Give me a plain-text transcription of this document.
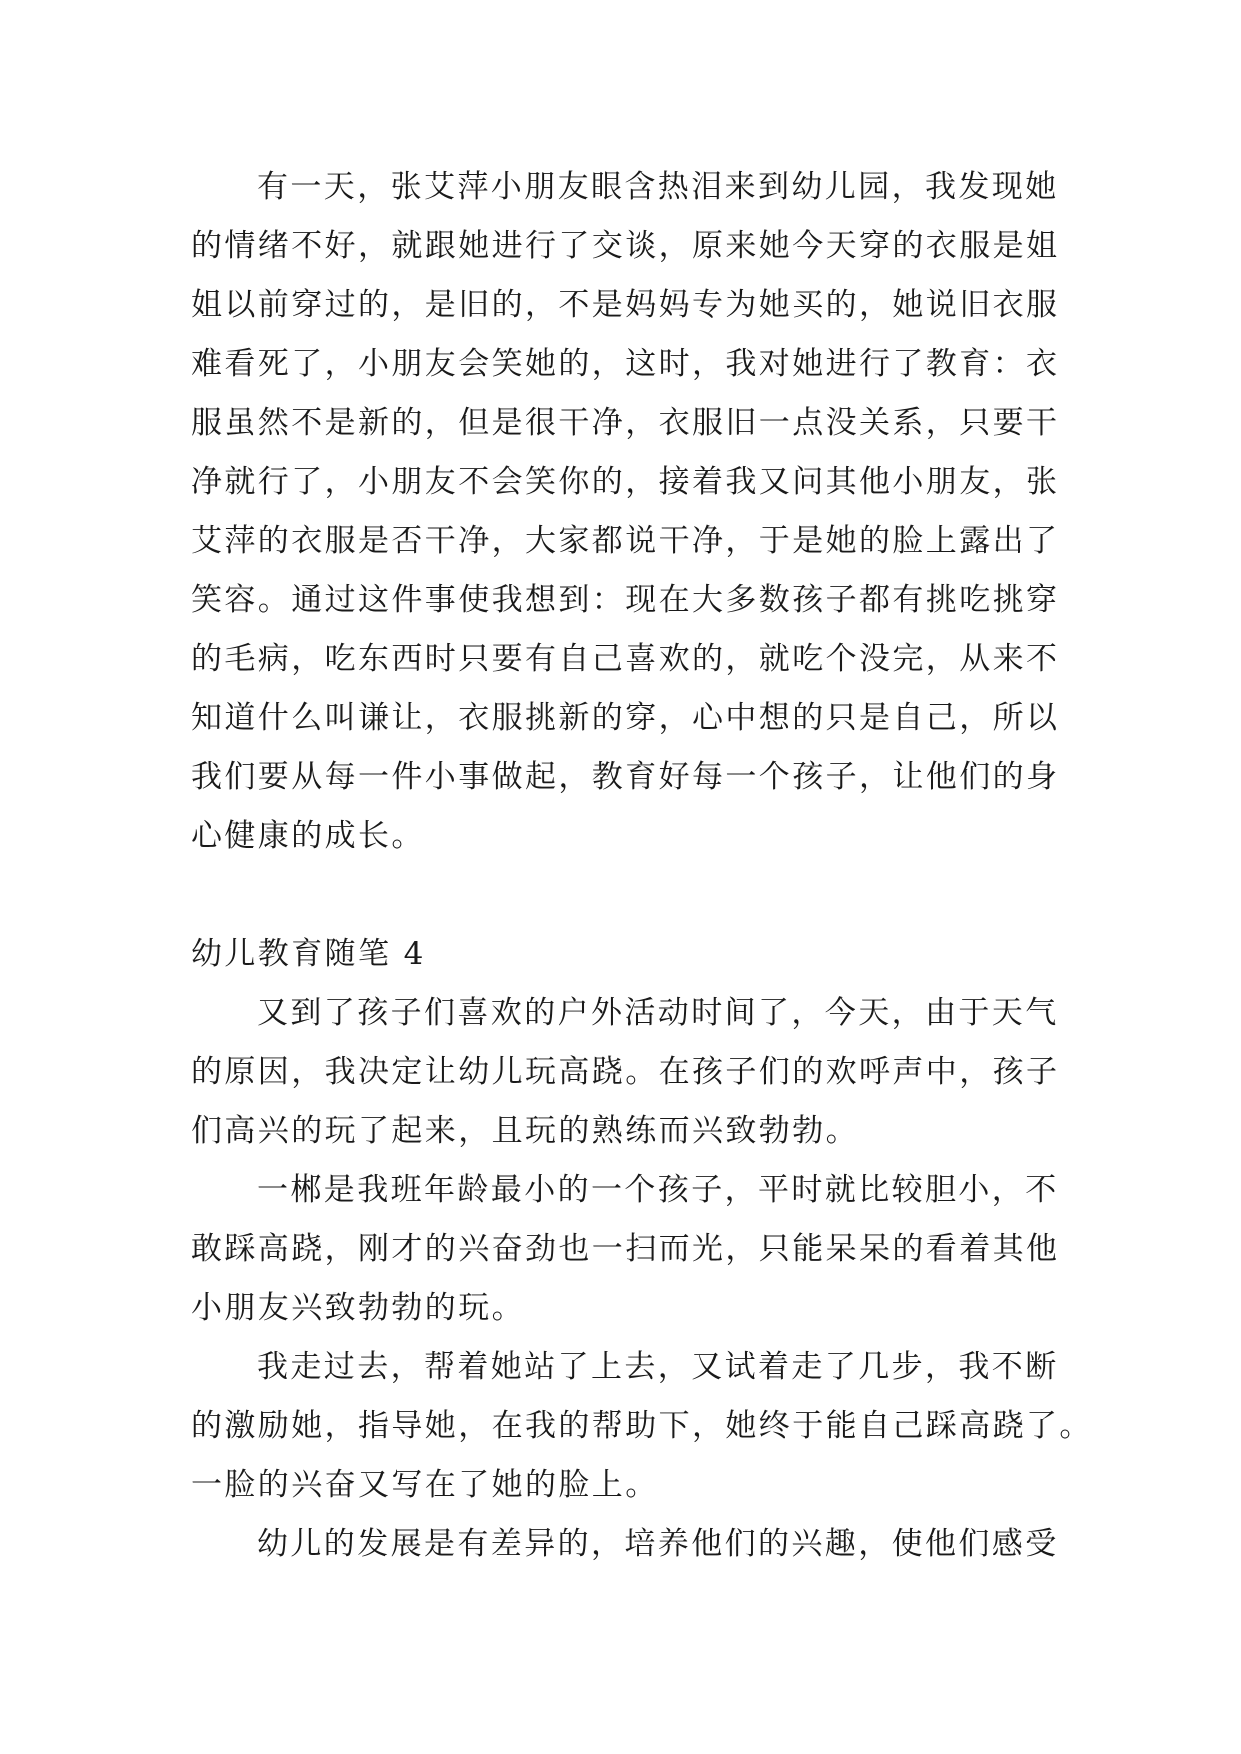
有一天，张艾萍小朋友眼含热泪来到幼儿园，我发现她
的情绪不好，就跟她进行了交谈，原来她今天穿的衣服是姐
姐以前穿过的，是旧的，不是妈妈专为她买的，她说旧衣服
难看死了，小朋友会笑她的，这时，我对她进行了教育：衣
服虽然不是新的，但是很干净，衣服旧一点没关系，只要干
净就行了，小朋友不会笑你的，接着我又问其他小朋友，张
艾萍的衣服是否干净，大家都说干净，于是她的脸上露出了
笑容。通过这件事使我想到：现在大多数孩子都有挑吃挑穿
的毛病，吃东西时只要有自己喜欢的，就吃个没完，从来不
知道什么叫谦让，衣服挑新的穿，心中想的只是自己，所以
我们要从每一件小事做起，教育好每一个孩子，让他们的身
心健康的成长。

幼儿教育随笔 4

又到了孩子们喜欢的户外活动时间了，今天，由于天气
的原因，我决定让幼儿玩高跷。在孩子们的欢呼声中，孩子
们高兴的玩了起来，且玩的熟练而兴致勃勃。

一郴是我班年龄最小的一个孩子，平时就比较胆小，不
敢踩高跷，刚才的兴奋劲也一扫而光，只能呆呆的看着其他
小朋友兴致勃勃的玩。

我走过去，帮着她站了上去，又试着走了几步，我不断
的激励她，指导她，在我的帮助下，她终于能自己踩高跷了。
一脸的兴奋又写在了她的脸上。

幼儿的发展是有差异的，培养他们的兴趣，使他们感受
